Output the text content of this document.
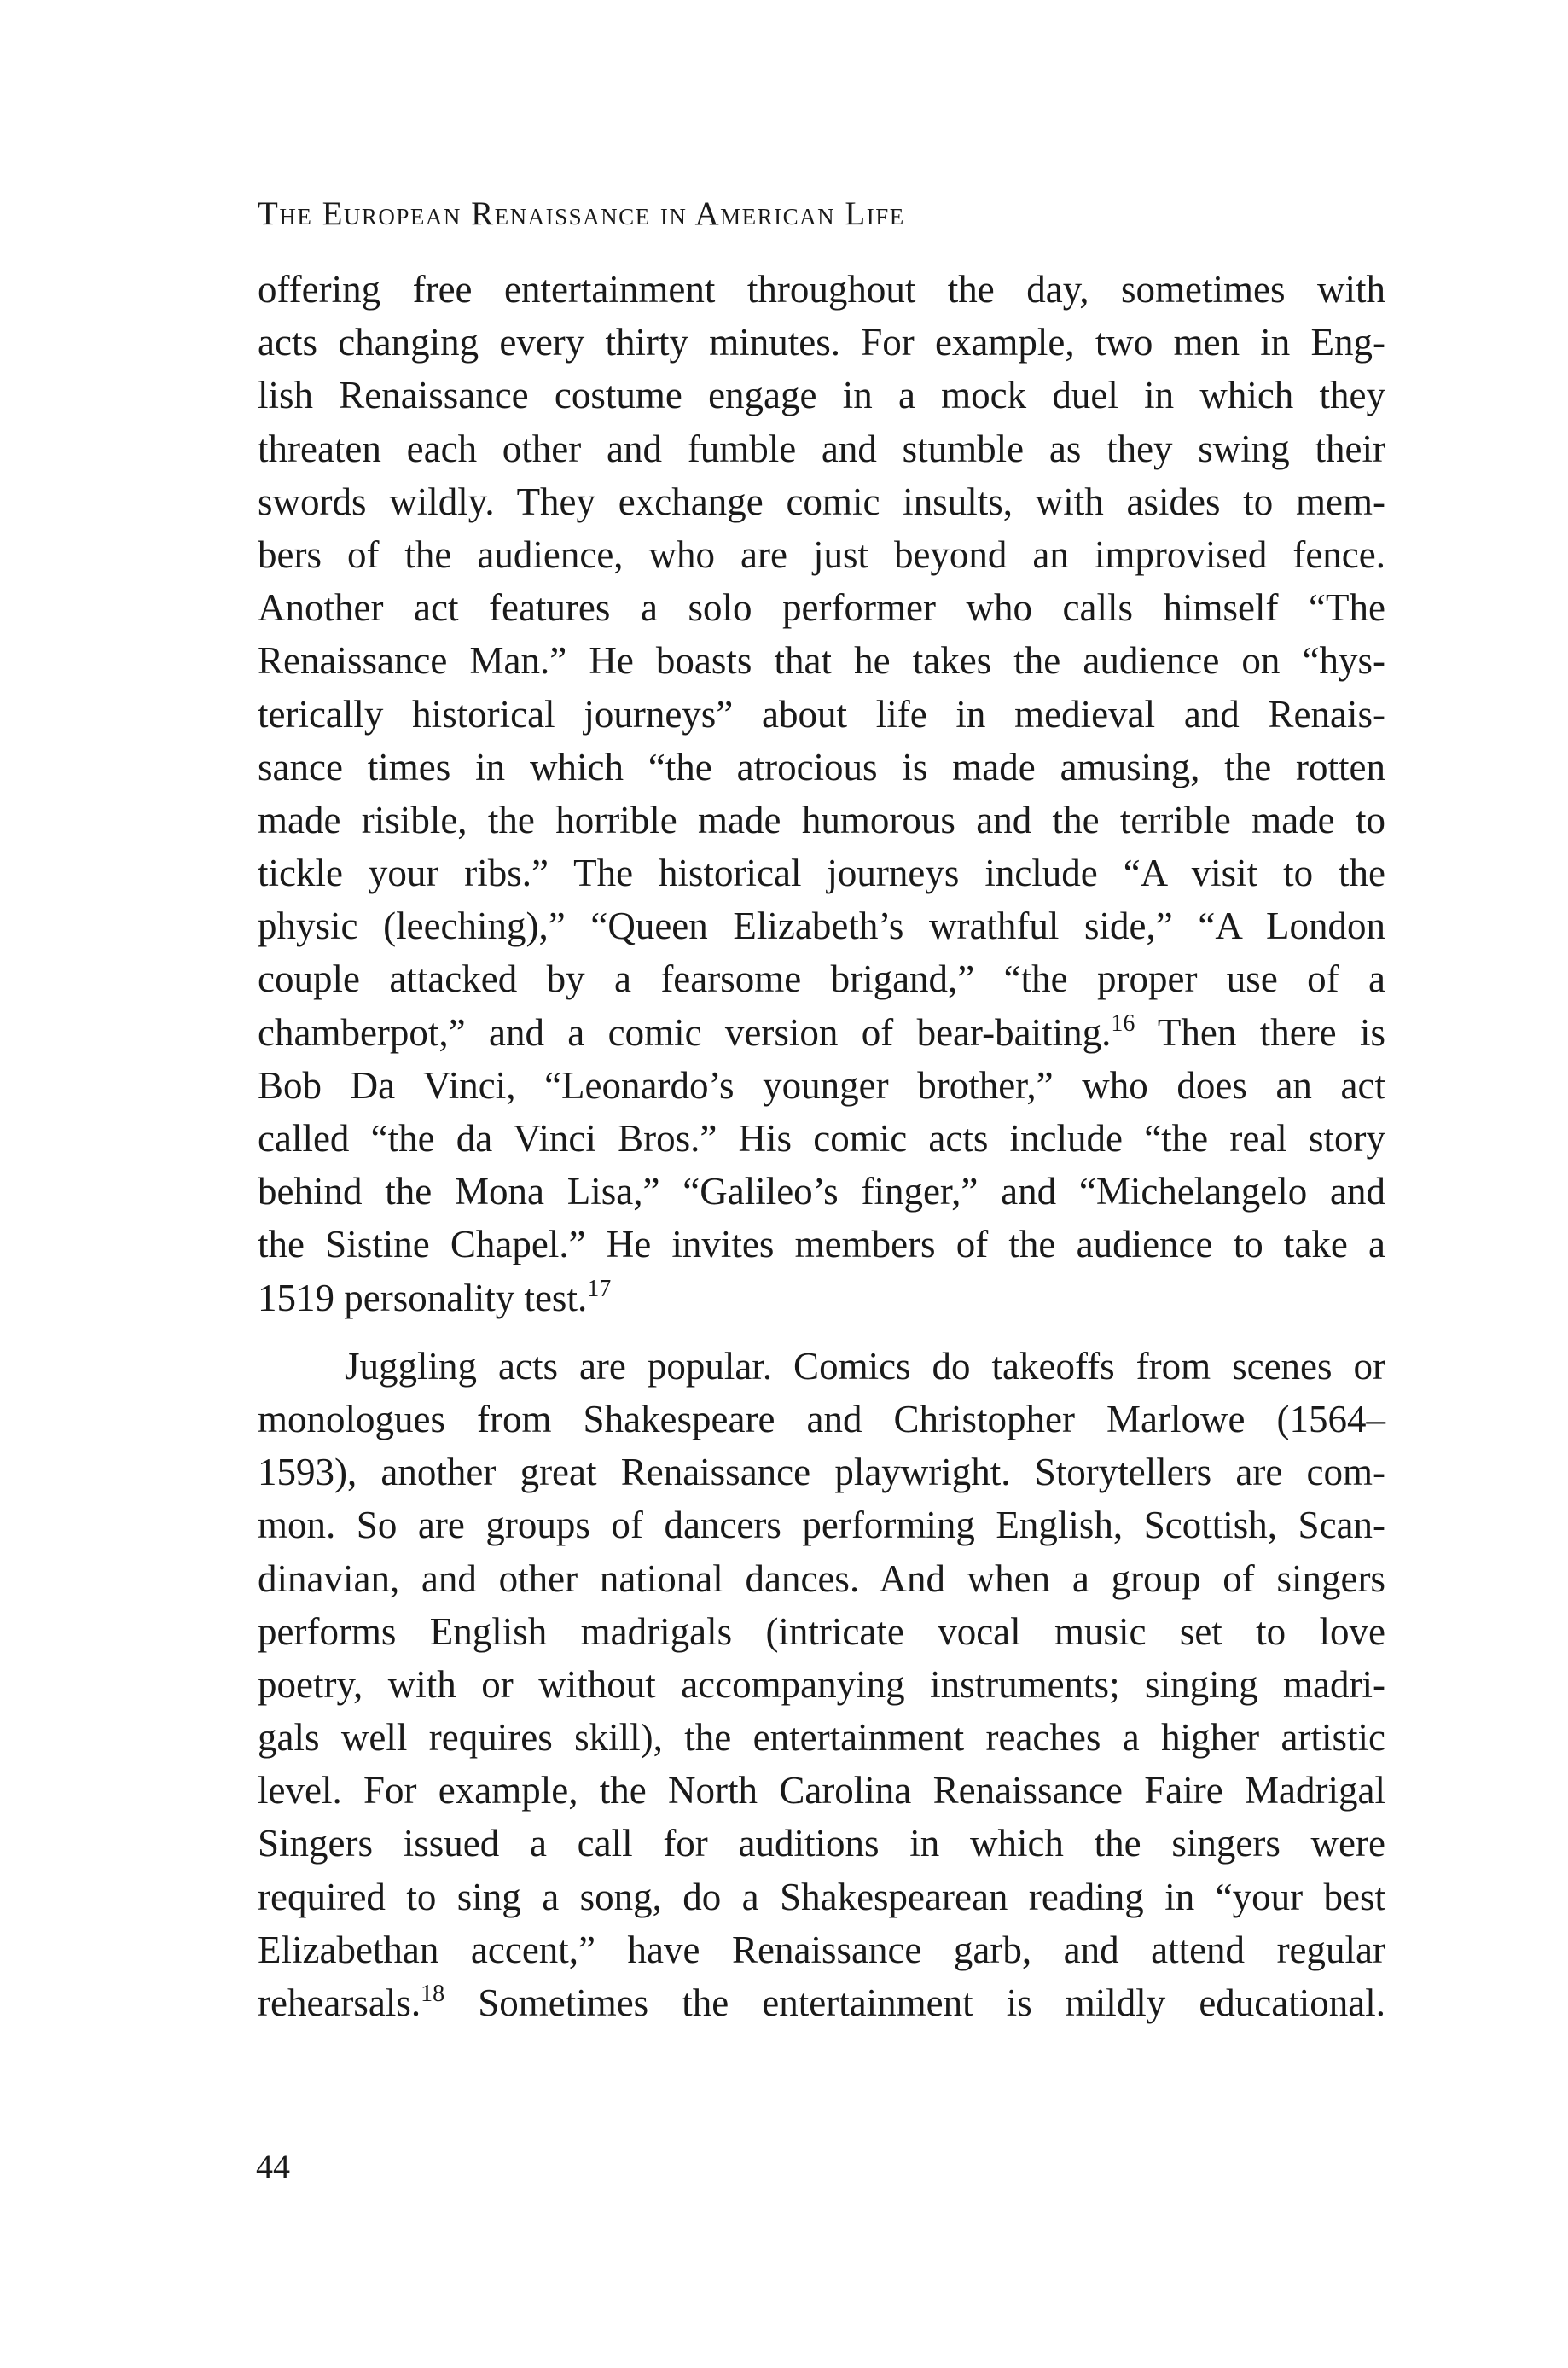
The European Renaissance in American Life
offering free entertainment throughout the day, sometimes with
acts changing every thirty minutes. For example, two men in Eng-
lish Renaissance costume engage in a mock duel in which they
threaten each other and fumble and stumble as they swing their
swords wildly. They exchange comic insults, with asides to mem-
bers of the audience, who are just beyond an improvised fence.
Another act features a solo performer who calls himself “The
Renaissance Man.” He boasts that he takes the audience on “hys-
terically historical journeys” about life in medieval and Renais-
sance times in which “the atrocious is made amusing, the rotten
made risible, the horrible made humorous and the terrible made to
tickle your ribs.” The historical journeys include “A visit to the
physic (leeching),” “Queen Elizabeth’s wrathful side,” “A London
couple attacked by a fearsome brigand,” “the proper use of a
chamberpot,” and a comic version of bear-baiting.$^{16}$ Then there is
Bob Da Vinci, “Leonardo’s younger brother,” who does an act
called “the da Vinci Bros.” His comic acts include “the real story
behind the Mona Lisa,” “Galileo’s finger,” and “Michelangelo and
the Sistine Chapel.” He invites members of the audience to take a
1519 personality test.$^{17}$
Juggling acts are popular. Comics do takeoffs from scenes or
monologues from Shakespeare and Christopher Marlowe (1564–
1593), another great Renaissance playwright. Storytellers are com-
mon. So are groups of dancers performing English, Scottish, Scan-
dinavian, and other national dances. And when a group of singers
performs English madrigals (intricate vocal music set to love
poetry, with or without accompanying instruments; singing madri-
gals well requires skill), the entertainment reaches a higher artistic
level. For example, the North Carolina Renaissance Faire Madrigal
Singers issued a call for auditions in which the singers were
required to sing a song, do a Shakespearean reading in “your best
Elizabethan accent,” have Renaissance garb, and attend regular
rehearsals.$^{18}$ Sometimes the entertainment is mildly educational.
44
